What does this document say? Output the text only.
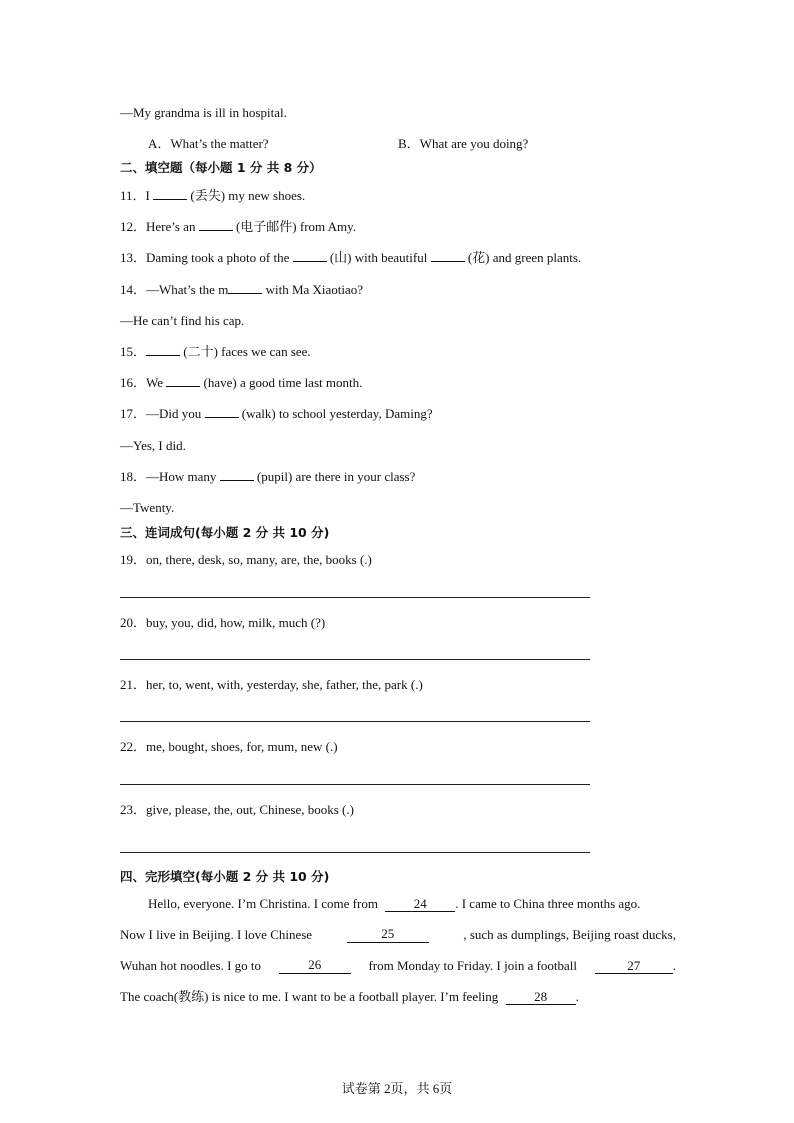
—My grandma is ill in hospital.
A．What’s the matter?	B．What are you doing?
二、填空题（每小题 1 分 共 8 分）
11．I	(丢失) my new shoes.
12．Here’s an	(电子邮件) from Amy.
13．Daming took a photo of the	(山) with beautiful	(花) and green plants.
14．—What’s the m	with Ma Xiaotiao?
—He can’t find his cap.
15．	(二十) faces we can see.
16．We	(have) a good time last month.
17．—Did you	(walk) to school yesterday, Daming?
—Yes, I did.
18．—How many	(pupil) are there in your class?
—Twenty.
三、连词成句(每小题 2 分 共 10 分)
19．on, there, desk, so, many, are, the, books (.)
20．buy, you, did, how, milk, much (?)
21．her, to, went, with, yesterday, she, father, the, park (.)
22．me, bought, shoes, for, mum, new (.)
23．give, please, the, out, Chinese, books (.)
四、完形填空(每小题 2 分 共 10 分)
Hello, everyone. I’m Christina. I come from	24 . I came to China three months ago.
Now I live in Beijing. I love Chinese	25	, such as dumplings, Beijing roast ducks,
Wuhan hot noodles. I go to	26	from Monday to Friday. I join a football	27	.
The coach(教练) is nice to me. I want to be a football player. I’m feeling	28 .
试卷第 2页，共 6页
